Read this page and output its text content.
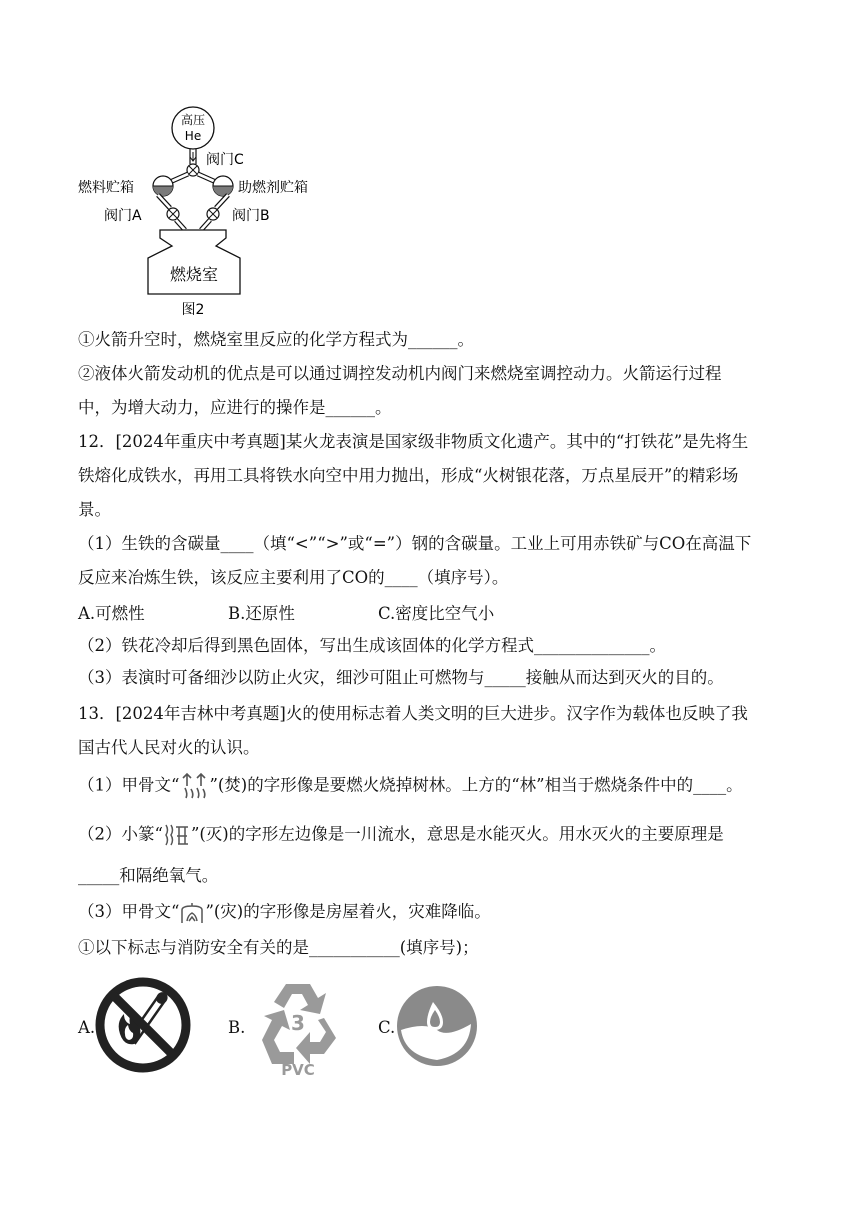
高压
He
阀门C
燃料贮箱	助燃剂贮箱
阀门A	阀门B
燃烧室
图2
①火箭升空时，燃烧室里反应的化学方程式为______。
②液体火箭发动机的优点是可以通过调控发动机内阀门来燃烧室调控动力。火箭运行过程
中，为增大动力，应进行的操作是______。
12．[2024年重庆中考真题]某火龙表演是国家级非物质文化遗产。其中的“打铁花”是先将生
铁熔化成铁水，再用工具将铁水向空中用力抛出，形成“火树银花落，万点星辰开”的精彩场
景。
（1）生铁的含碳量____（填“<”“>”或“=”）钢的含碳量。工业上可用赤铁矿与CO在高温下
反应来冶炼生铁，该反应主要利用了CO的____（填序号）。
A.可燃性	B.还原性	C.密度比空气小
（2）铁花冷却后得到黑色固体，写出生成该固体的化学方程式______________。
（3）表演时可备细沙以防止火灾，细沙可阻止可燃物与_____接触从而达到灭火的目的。
13．[2024年吉林中考真题]火的使用标志着人类文明的巨大进步。汉字作为载体也反映了我
国古代人民对火的认识。
（1）甲骨文“ ”(焚)的字形像是要燃火烧掉树林。上方的“林”相当于燃烧条件中的____。
（2）小篆“ ”(灭)的字形左边像是一川流水，意思是水能灭火。用水灭火的主要原理是
_____和隔绝氧气。
（3）甲骨文“ ”(灾)的字形像是房屋着火，灾难降临。
①以下标志与消防安全有关的是___________(填序号)；
A.	B. 3
PVC
C.
